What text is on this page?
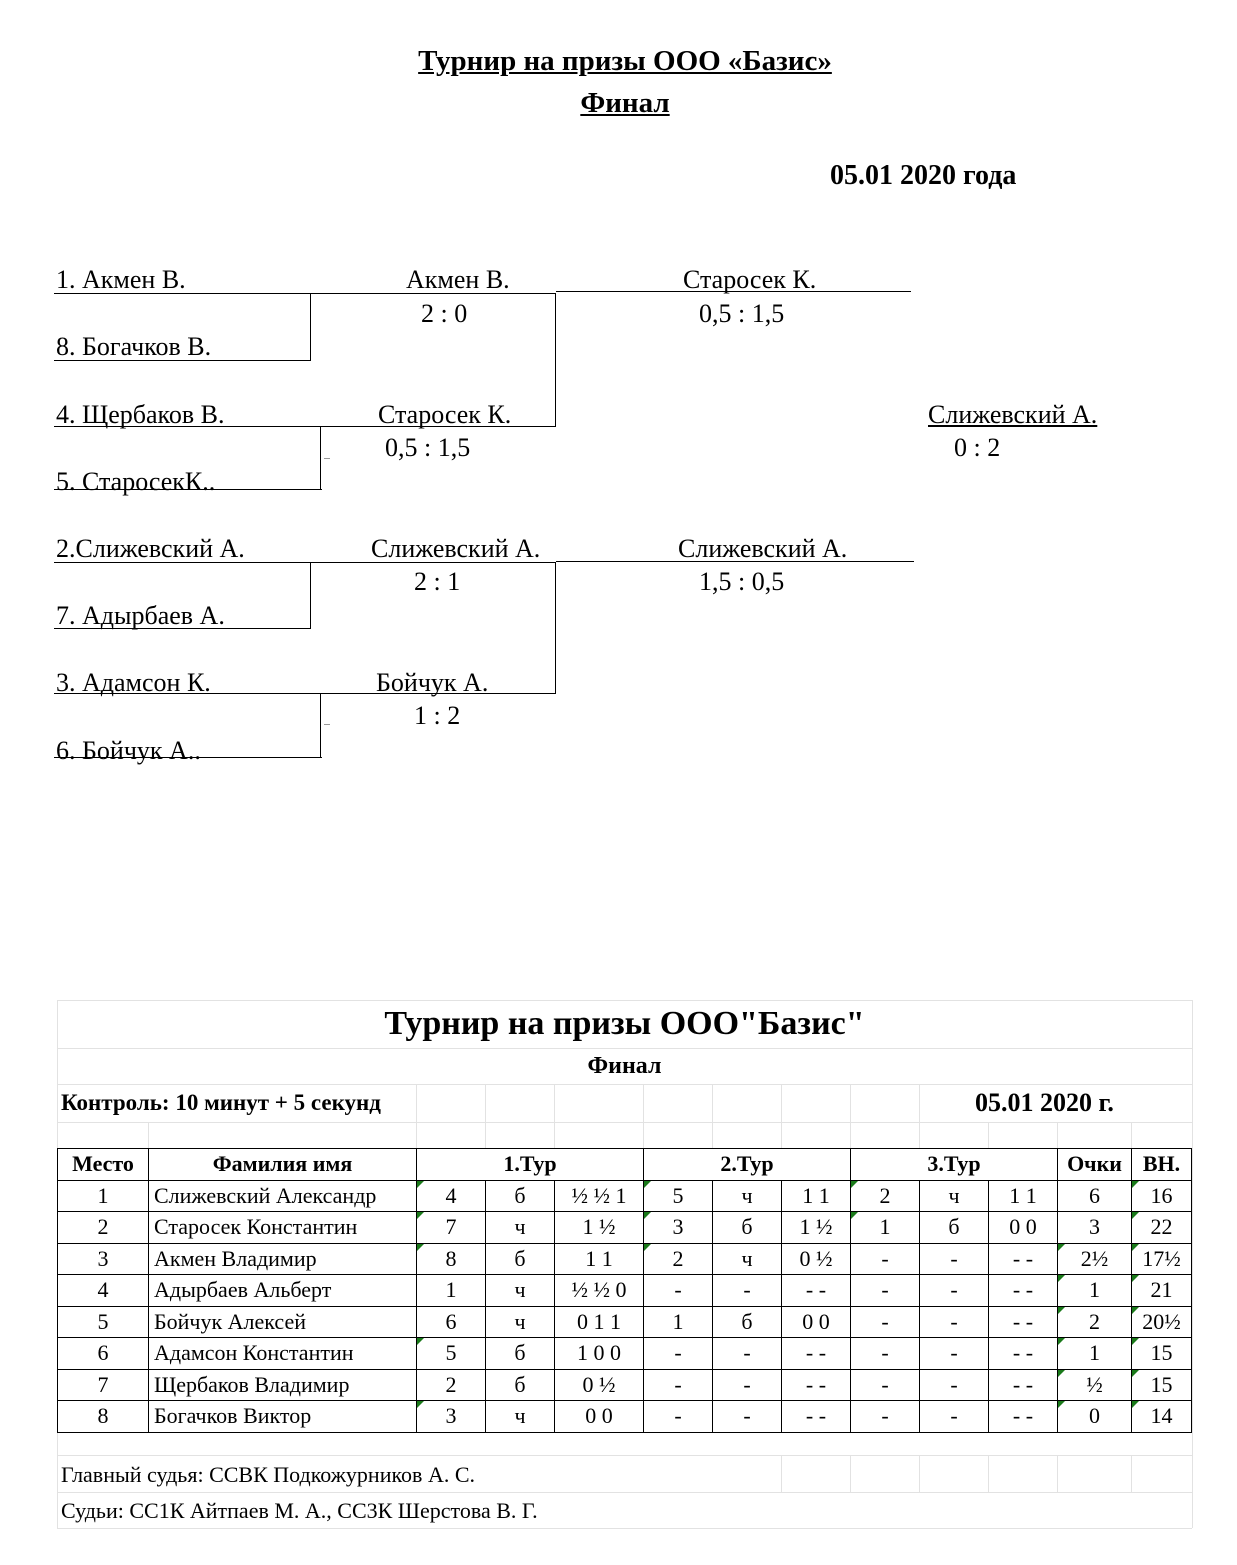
Турнир на призы ООО «Базис»
Финал
05.01 2020 года
1. Акмен В.
8. Богачков В.
4. Щербаков В.
5. СтаросекК..
2.Слижевский А.
7. Адырбаев А.
3. Адамсон К.
6. Бойчук А..
Акмен В.
2 : 0
Старосек К.
0,5 : 1,5
Слижевский А.
2 : 1
Бойчук А.
1 : 2
Старосек К.
0,5 : 1,5
Слижевский А.
1,5 : 0,5
Слижевский А.
0 : 2
Турнир на призы ООО"Базис"
Финал
Контроль: 10 минут + 5 секунд	05.01 2020 г.
Место	Фамилия имя	1.Тур			2.Тур			3.Тур			Очки	ВН.
1	Слижевский Александр	4	б	½ ½ 1	5	ч	1 1	2	ч	1 1	6	16

2	Старосек Константин	7	ч	1 ½	3	б	1 ½	1	б	0 0	3	22

3	Акмен Владимир	8	б	1 1	2	ч	0 ½	-	-	- -	2½	17½

4	Адырбаев Альберт	1	ч	½ ½ 0	-	-	- -	-	-	- -	1	21

5	Бойчук Алексей	6	ч	0 1 1	1	б	0 0	-	-	- -	2	20½

6	Адамсон Константин	5	б	1 0 0	-	-	- -	-	-	- -	1	15

7	Щербаков Владимир	2	б	0 ½	-	-	- -	-	-	- -	½	15

8	Богачков Виктор	3	ч	0 0	-	-	- -	-	-	- -	0	14
Главный судья: ССВК Подкожурников А. С.
Судьи: СС1К Айтпаев М. А., СС3К Шерстова В. Г.
